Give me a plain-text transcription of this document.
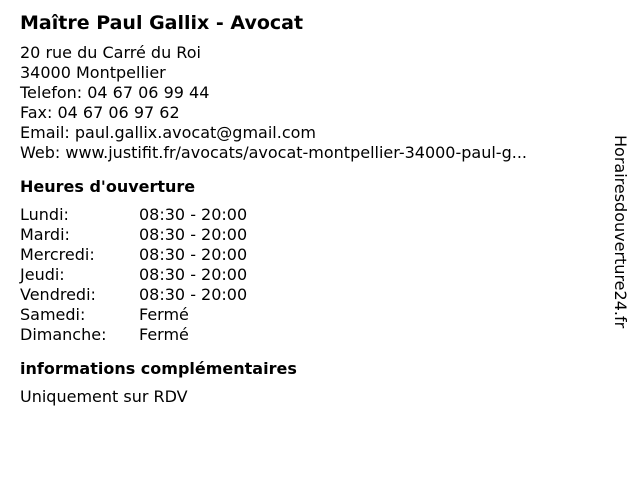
Maître Paul Gallix - Avocat
20 rue du Carré du Roi
34000 Montpellier
Telefon: 04 67 06 99 44
Fax: 04 67 06 97 62
Email: paul.gallix.avocat@gmail.com
Web: www.justifit.fr/avocats/avocat-montpellier-34000-paul-g...
Heures d'ouverture
Lundi:	08:30 - 20:00
Mardi:	08:30 - 20:00
Mercredi:	08:30 - 20:00
Jeudi:	08:30 - 20:00
Vendredi:	08:30 - 20:00
Samedi:	Fermé
Dimanche:	Fermé
informations complémentaires
Uniquement sur RDV
Horairesdouverture24.fr
